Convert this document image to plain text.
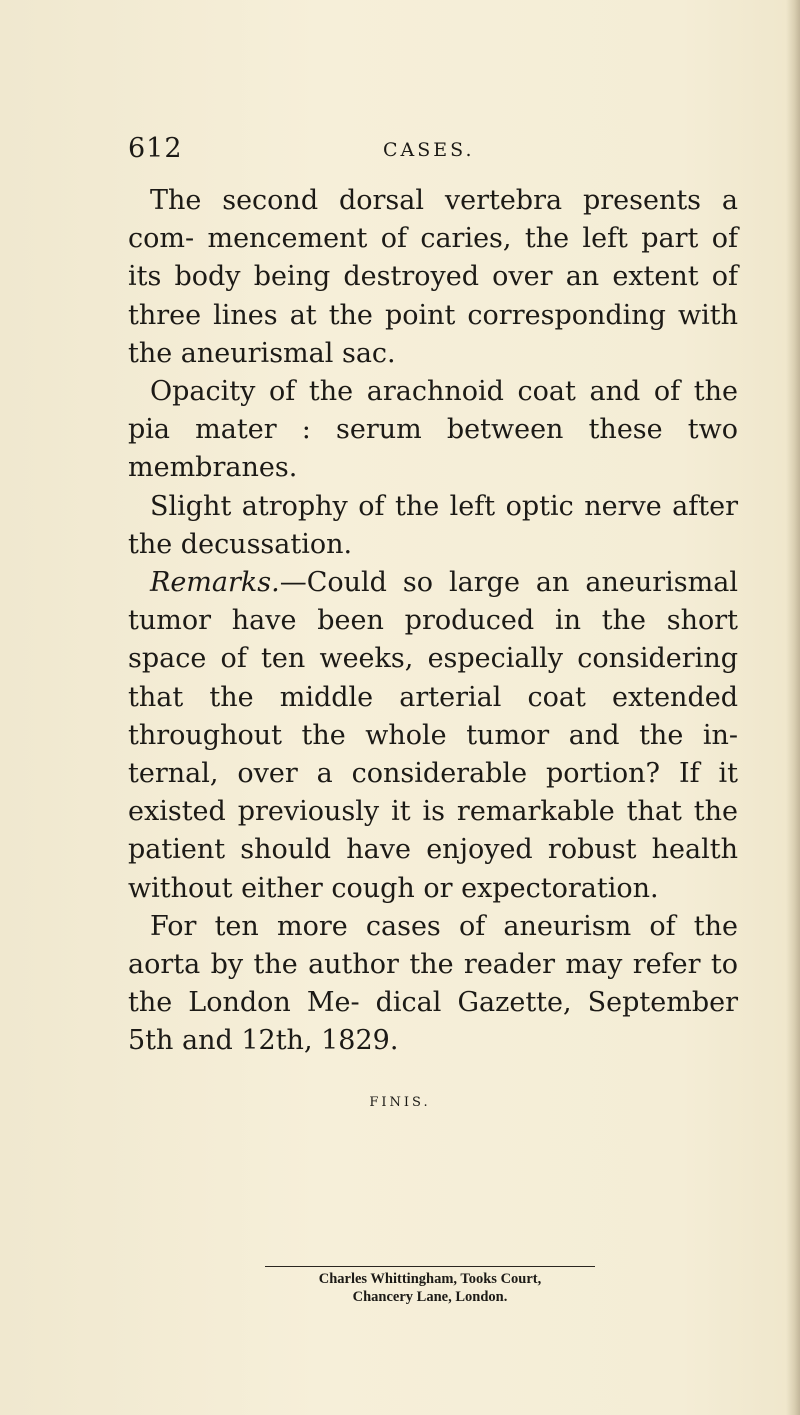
612	CASES.

The second dorsal vertebra presents a com- mencement of caries, the left part of its body being destroyed over an extent of three lines at the point corresponding with the aneurismal sac.

Opacity of the arachnoid coat and of the pia mater : serum between these two membranes.

Slight atrophy of the left optic nerve after the decussation.

Remarks.—Could so large an aneurismal tumor have been produced in the short space of ten weeks, especially considering that the middle arterial coat extended throughout the whole tumor and the in- ternal, over a considerable portion? If it existed previously it is remarkable that the patient should have enjoyed robust health without either cough or expectoration.

For ten more cases of aneurism of the aorta by the author the reader may refer to the London Me- dical Gazette, September 5th and 12th, 1829.

FINIS.
Charles Whittingham, Tooks Court,
Chancery Lane, London.
